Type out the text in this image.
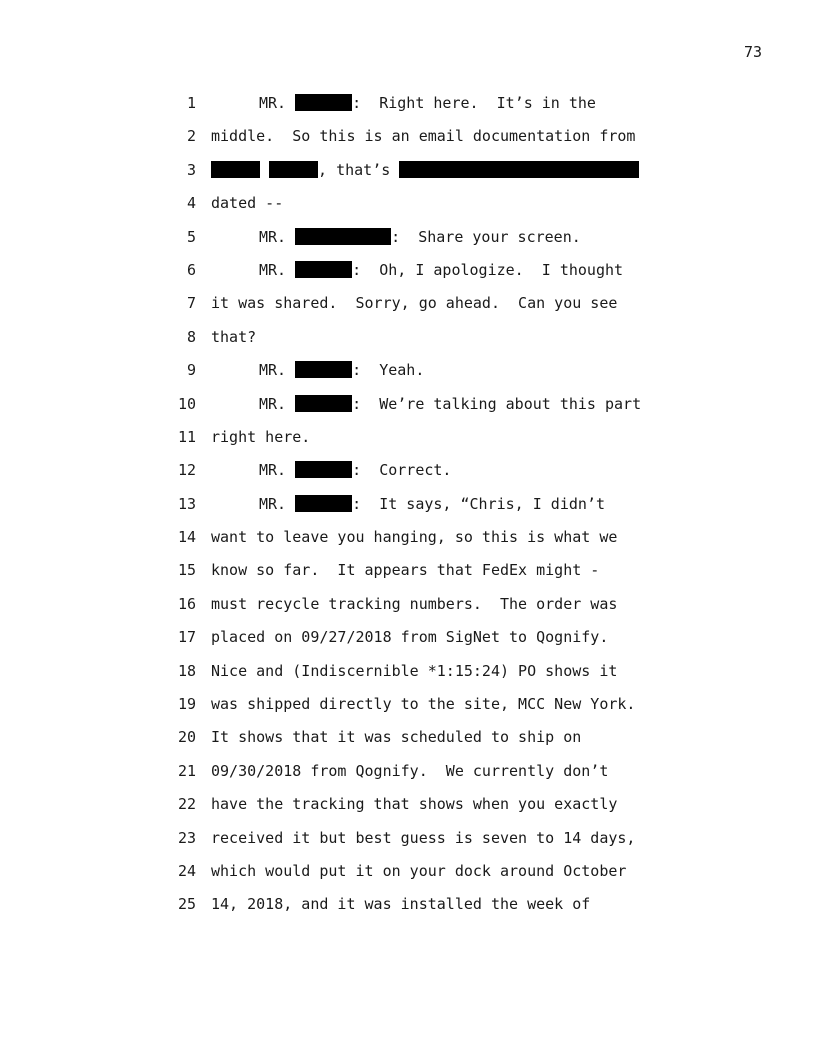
73
1	MR.	:  Right here.  It’s in the
2 middle.  So this is an email documentation from
3	, that’s
4 dated --
5	MR.	:  Share your screen.
6	MR.	:  Oh, I apologize.  I thought
7 it was shared.  Sorry, go ahead.  Can you see
8 that?
9	MR.	:  Yeah.
10	MR.	:  We’re talking about this part
11 right here.
12	MR.	:  Correct.
13	MR.	:  It says, “Chris, I didn’t
14 want to leave you hanging, so this is what we
15 know so far.  It appears that FedEx might -
16 must recycle tracking numbers.  The order was
17 placed on 09/27/2018 from SigNet to Qognify.
18 Nice and (Indiscernible *1:15:24) PO shows it
19 was shipped directly to the site, MCC New York.
20 It shows that it was scheduled to ship on
21 09/30/2018 from Qognify.  We currently don’t
22 have the tracking that shows when you exactly
23 received it but best guess is seven to 14 days,
24 which would put it on your dock around October
25 14, 2018, and it was installed the week of
